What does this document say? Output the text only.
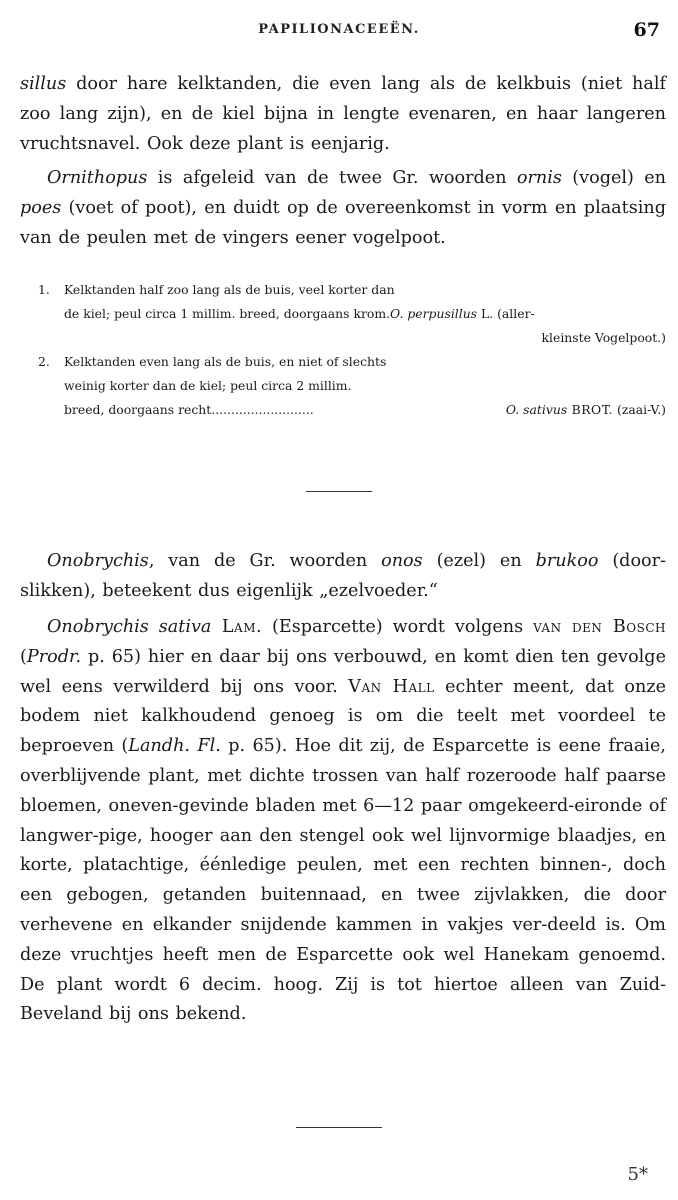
PAPILIONACEEËN.	67
sillus door hare kelktanden, die even lang als de kelkbuis (niet half zoo lang zijn), en de kiel bijna in lengte evenaren, en haar langeren vruchtsnavel. Ook deze plant is eenjarig.
Ornithopus is afgeleid van de twee Gr. woorden ornis (vogel) en poes (voet of poot), en duidt op de overeenkomst in vorm en plaatsing van de peulen met de vingers eener vogelpoot.
1.	Kelktanden half zoo lang als de buis, veel korter dan
de kiel; peul circa 1 millim. breed, doorgaans krom.O. perpusillus L. (aller-
kleinste Vogelpoot.)
2.	Kelktanden even lang als de buis, en niet of slechts
weinig korter dan de kiel; peul circa 2 millim.
breed, doorgaans recht..........................	O. sativus BROT. (zaai-V.)
Onobrychis, van de Gr. woorden onos (ezel) en brukoo (door-slikken), beteekent dus eigenlijk „ezelvoeder.“
Onobrychis sativa Lam. (Esparcette) wordt volgens van den Bosch (Prodr. p. 65) hier en daar bij ons verbouwd, en komt dien ten gevolge wel eens verwilderd bij ons voor. Van Hall echter meent, dat onze bodem niet kalkhoudend genoeg is om die teelt met voordeel te beproeven (Landh. Fl. p. 65). Hoe dit zij, de Esparcette is eene fraaie, overblijvende plant, met dichte trossen van half rozeroode half paarse bloemen, oneven-gevinde bladen met 6—12 paar omgekeerd-eironde of langwer-pige, hooger aan den stengel ook wel lijnvormige blaadjes, en korte, platachtige, éénledige peulen, met een rechten binnen-, doch een gebogen, getanden buitennaad, en twee zijvlakken, die door verhevene en elkander snijdende kammen in vakjes ver-deeld is. Om deze vruchtjes heeft men de Esparcette ook wel Hanekam genoemd. De plant wordt 6 decim. hoog. Zij is tot hiertoe alleen van Zuid-Beveland bij ons bekend.
5*
